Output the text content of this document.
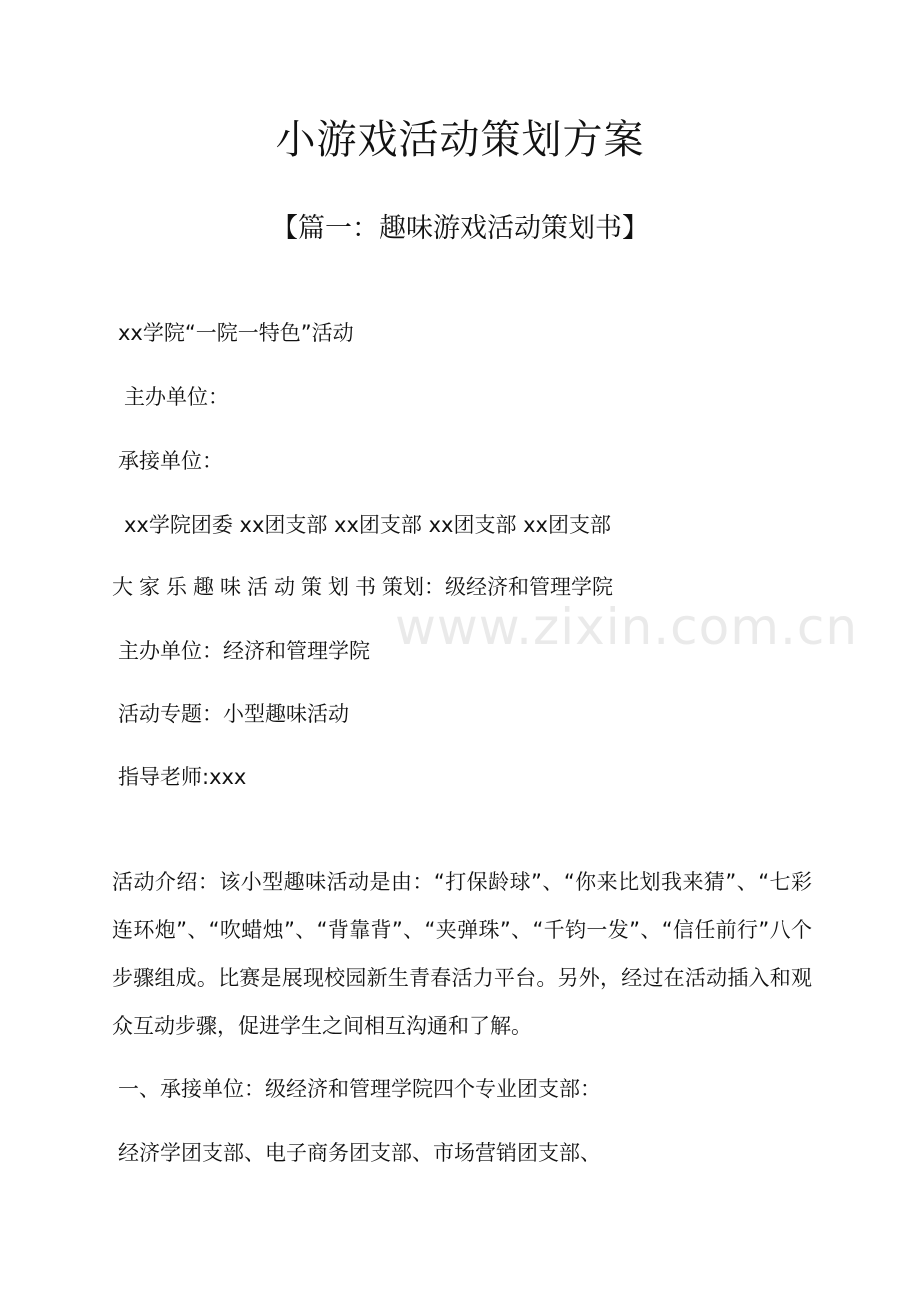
小游戏活动策划方案
【篇一：趣味游戏活动策划书】

xx学院“一院一特色”活动

主办单位：

承接单位：

xx学院团委 xx团支部 xx团支部 xx团支部 xx团支部

大家乐趣味活动策划书策划：级经济和管理学院

主办单位：经济和管理学院

活动专题：小型趣味活动

指导老师:xxx

活动介绍：该小型趣味活动是由：“打保龄球”、“你来比划我来猜”、“七彩连环炮”、“吹蜡烛”、“背靠背”、“夹弹珠”、“千钧一发”、“信任前行”八个步骤组成。比赛是展现校园新生青春活力平台。另外，经过在活动插入和观众互动步骤，促进学生之间相互沟通和了解。

一、承接单位：级经济和管理学院四个专业团支部：

经济学团支部、电子商务团支部、市场营销团支部、

www.zixin.com.cn
